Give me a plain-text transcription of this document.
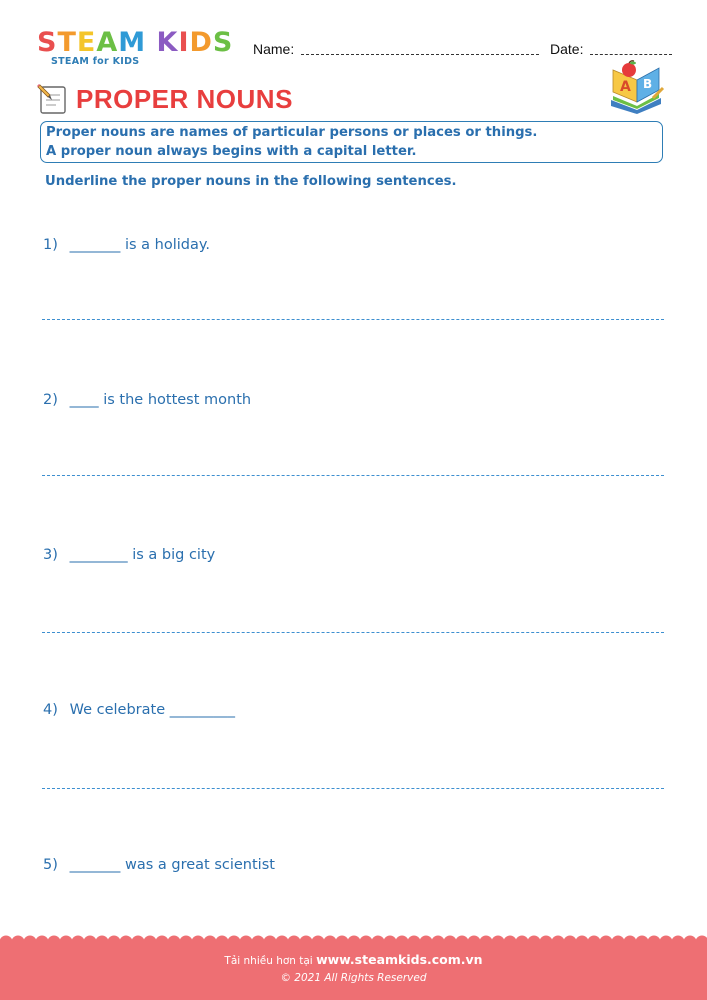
STEAM KIDS
STEAM for KIDS
Name:	Date:
PROPER NOUNS	A B
Proper nouns are names of particular persons or places or things.
A proper noun always begins with a capital letter.
Underline the proper nouns in the following sentences.
1) _______ is a holiday.
2) ____ is the hottest month
3) ________ is a big city
4) We celebrate _________
5) _______ was a great scientist
Tải nhiều hơn tại www.steamkids.com.vn
© 2021 All Rights Reserved
